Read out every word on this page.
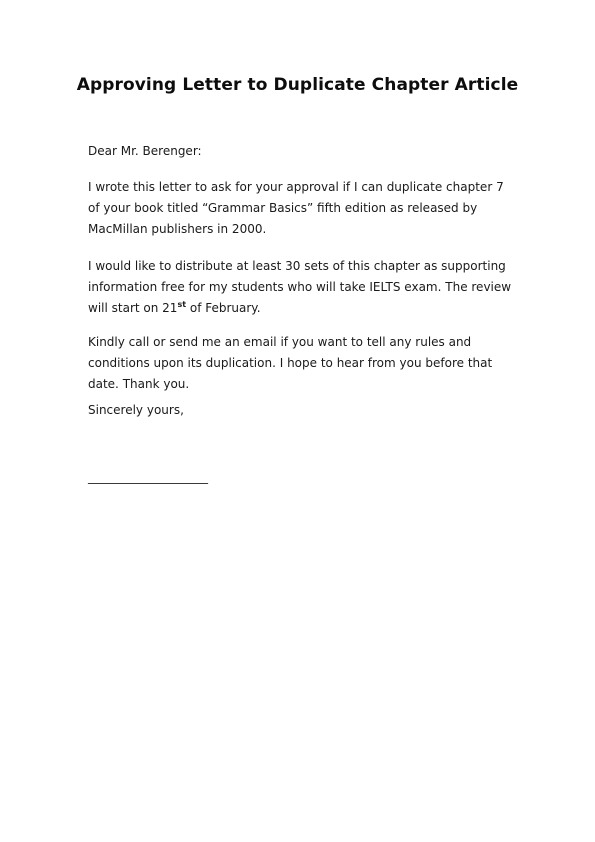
Approving Letter to Duplicate Chapter Article

Dear Mr. Berenger:

I wrote this letter to ask for your approval if I can duplicate chapter 7
of your book titled “Grammar Basics” fifth edition as released by
MacMillan publishers in 2000.

I would like to distribute at least 30 sets of this chapter as supporting
information free for my students who will take IELTS exam. The review
will start on 21st of February.

Kindly call or send me an email if you want to tell any rules and
conditions upon its duplication. I hope to hear from you before that
date. Thank you.

Sincerely yours,

____________________
